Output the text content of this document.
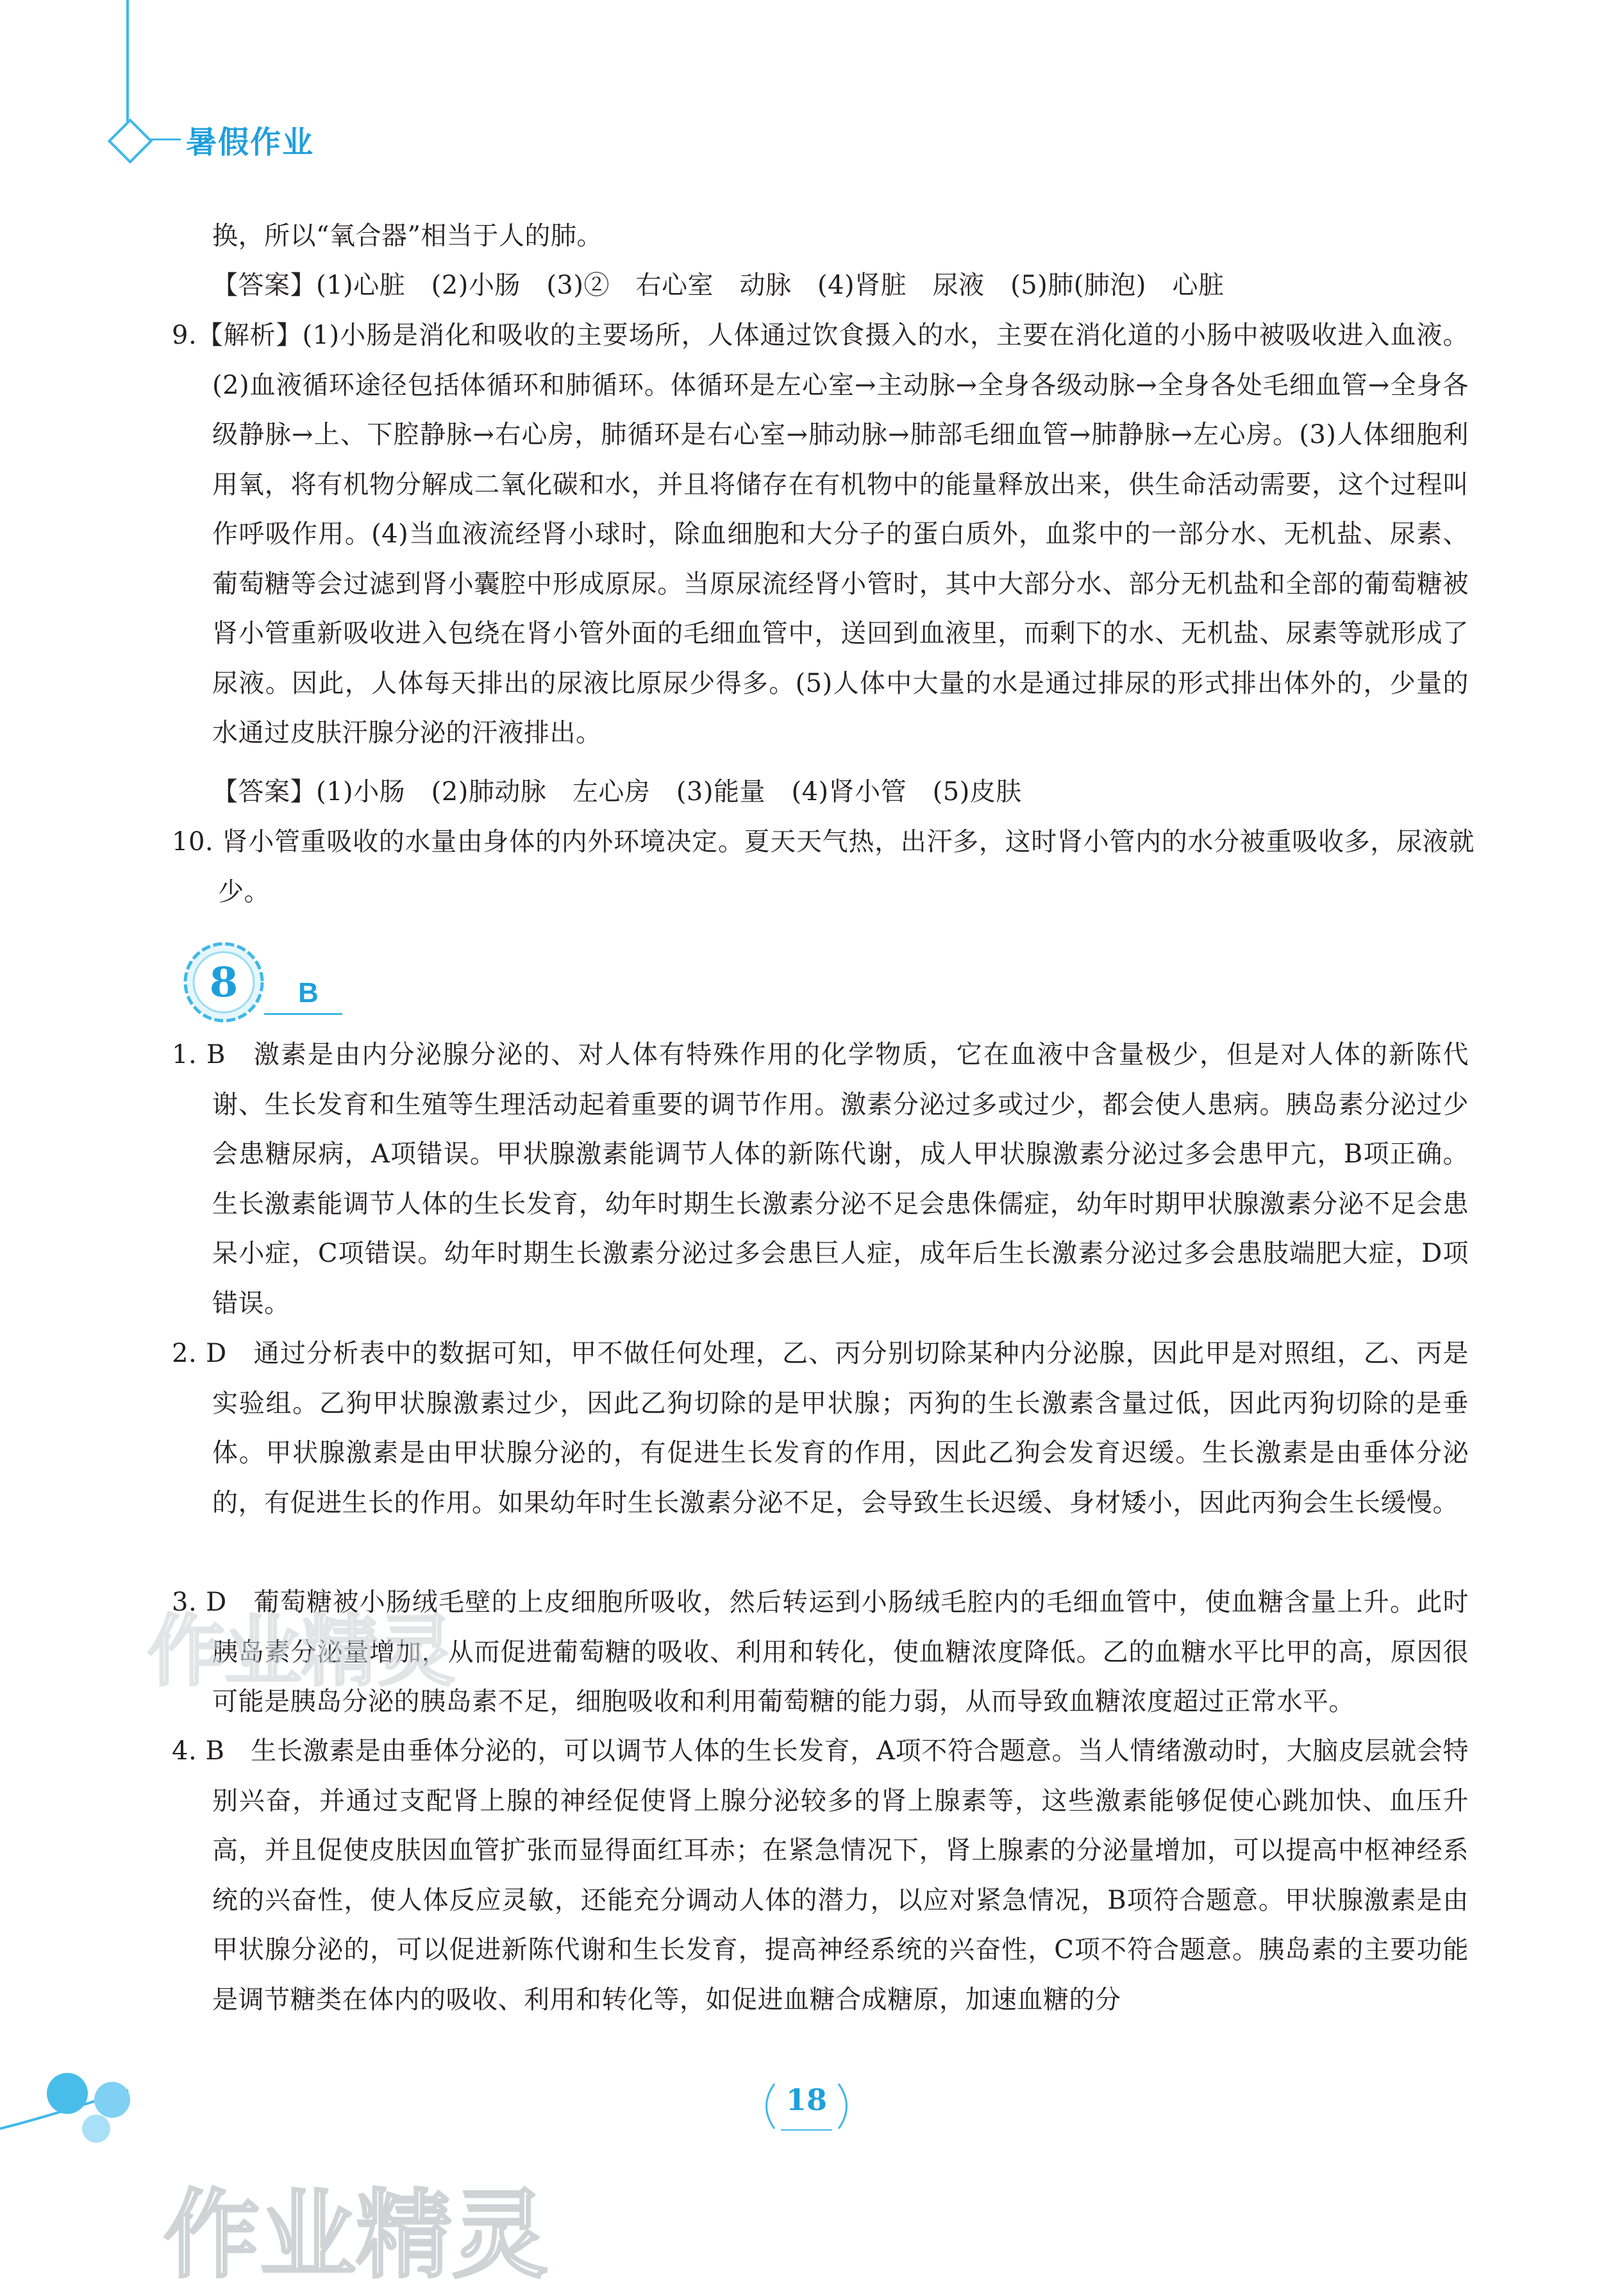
暑假作业
换，所以“氧合器”相当于人的肺。
【答案】(1)心脏　(2)小肠　(3)②　右心室　动脉　(4)肾脏　尿液　(5)肺(肺泡)　心脏
9.【解析】(1)小肠是消化和吸收的主要场所，人体通过饮食摄入的水，主要在消化道的小肠中被吸收进入血液。(2)血液循环途径包括体循环和肺循环。体循环是左心室→主动脉→全身各级动脉→全身各处毛细血管→全身各级静脉→上、下腔静脉→右心房，肺循环是右心室→肺动脉→肺部毛细血管→肺静脉→左心房。(3)人体细胞利用氧，将有机物分解成二氧化碳和水，并且将储存在有机物中的能量释放出来，供生命活动需要，这个过程叫作呼吸作用。(4)当血液流经肾小球时，除血细胞和大分子的蛋白质外，血浆中的一部分水、无机盐、尿素、葡萄糖等会过滤到肾小囊腔中形成原尿。当原尿流经肾小管时，其中大部分水、部分无机盐和全部的葡萄糖被肾小管重新吸收进入包绕在肾小管外面的毛细血管中，送回到血液里，而剩下的水、无机盐、尿素等就形成了尿液。因此，人体每天排出的尿液比原尿少得多。(5)人体中大量的水是通过排尿的形式排出体外的，少量的水通过皮肤汗腺分泌的汗液排出。
【答案】(1)小肠　(2)肺动脉　左心房　(3)能量　(4)肾小管　(5)皮肤
10. 肾小管重吸收的水量由身体的内外环境决定。夏天天气热，出汗多，这时肾小管内的水分被重吸收多，尿液就少。
8	B
1. B　激素是由内分泌腺分泌的、对人体有特殊作用的化学物质，它在血液中含量极少，但是对人体的新陈代谢、生长发育和生殖等生理活动起着重要的调节作用。激素分泌过多或过少，都会使人患病。胰岛素分泌过少会患糖尿病，A项错误。甲状腺激素能调节人体的新陈代谢，成人甲状腺激素分泌过多会患甲亢，B项正确。生长激素能调节人体的生长发育，幼年时期生长激素分泌不足会患侏儒症，幼年时期甲状腺激素分泌不足会患呆小症，C项错误。幼年时期生长激素分泌过多会患巨人症，成年后生长激素分泌过多会患肢端肥大症，D项错误。
2. D　通过分析表中的数据可知，甲不做任何处理，乙、丙分别切除某种内分泌腺，因此甲是对照组，乙、丙是实验组。乙狗甲状腺激素过少，因此乙狗切除的是甲状腺；丙狗的生长激素含量过低，因此丙狗切除的是垂体。甲状腺激素是由甲状腺分泌的，有促进生长发育的作用，因此乙狗会发育迟缓。生长激素是由垂体分泌的，有促进生长的作用。如果幼年时生长激素分泌不足，会导致生长迟缓、身材矮小，因此丙狗会生长缓慢。
3. D　葡萄糖被小肠绒毛壁的上皮细胞所吸收，然后转运到小肠绒毛腔内的毛细血管中，使血糖含量上升。此时胰岛素分泌量增加，从而促进葡萄糖的吸收、利用和转化，使血糖浓度降低。乙的血糖水平比甲的高，原因很可能是胰岛分泌的胰岛素不足，细胞吸收和利用葡萄糖的能力弱，从而导致血糖浓度超过正常水平。
4. B　生长激素是由垂体分泌的，可以调节人体的生长发育，A项不符合题意。当人情绪激动时，大脑皮层就会特别兴奋，并通过支配肾上腺的神经促使肾上腺分泌较多的肾上腺素等，这些激素能够促使心跳加快、血压升高，并且促使皮肤因血管扩张而显得面红耳赤；在紧急情况下，肾上腺素的分泌量增加，可以提高中枢神经系统的兴奋性，使人体反应灵敏，还能充分调动人体的潜力，以应对紧急情况，B项符合题意。甲状腺激素是由甲状腺分泌的，可以促进新陈代谢和生长发育，提高神经系统的兴奋性，C项不符合题意。胰岛素的主要功能是调节糖类在体内的吸收、利用和转化等，如促进血糖合成糖原，加速血糖的分
作业精灵
18
作业精灵
